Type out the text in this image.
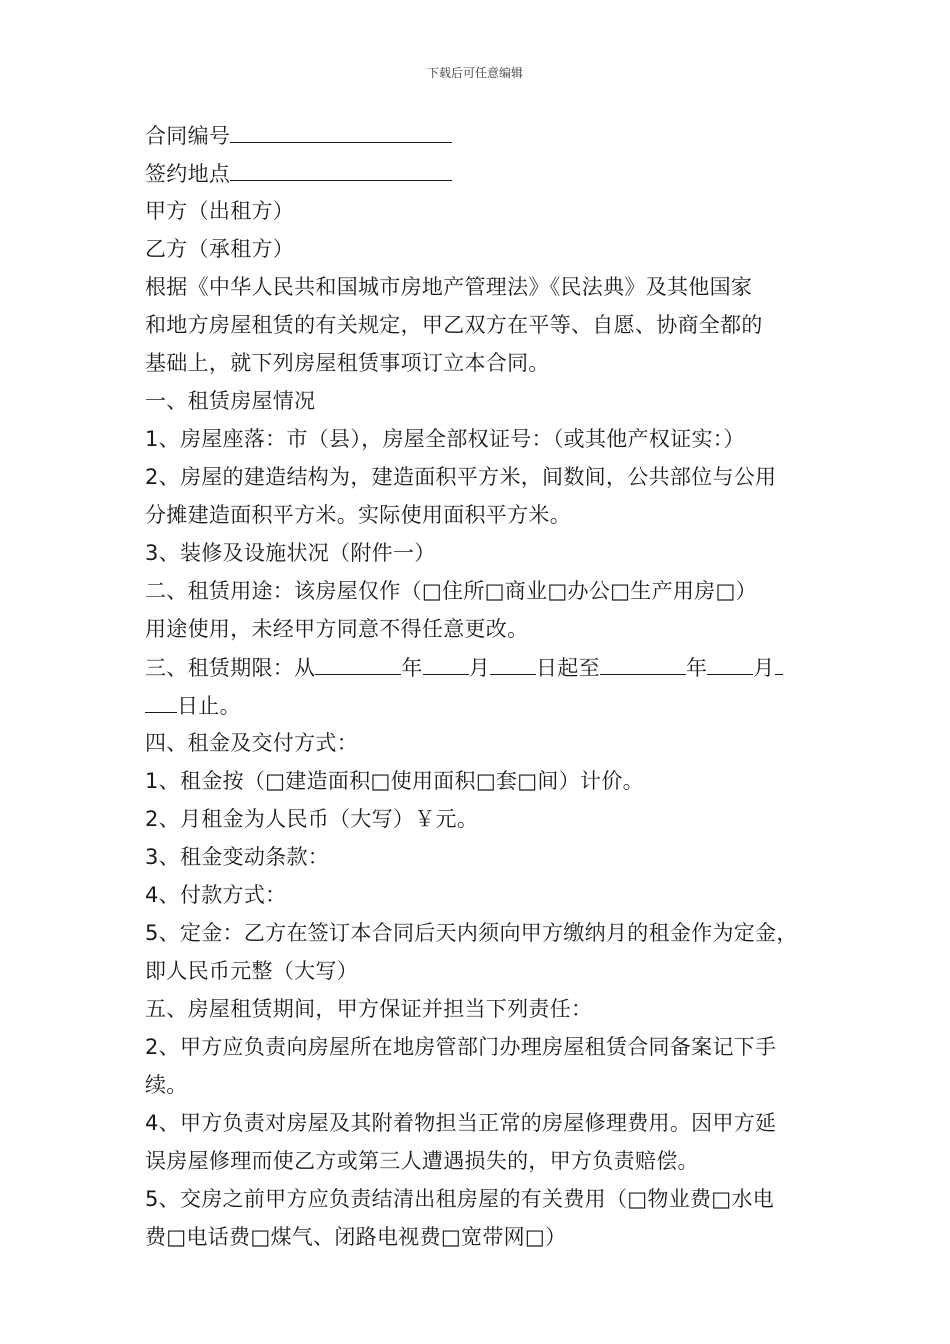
下载后可任意编辑
合同编号
签约地点
甲方（出租方）
乙方（承租方）
根据《中华人民共和国城市房地产管理法》《民法典》及其他国家
和地方房屋租赁的有关规定，甲乙双方在平等、自愿、协商全都的
基础上，就下列房屋租赁事项订立本合同。
一、租赁房屋情况
1、房屋座落：市（县），房屋全部权证号：（或其他产权证实：）
2、房屋的建造结构为，建造面积平方米，间数间，公共部位与公用
分摊建造面积平方米。实际使用面积平方米。
3、装修及设施状况（附件一）
二、租赁用途：该房屋仅作（□住所□商业□办公□生产用房□）
用途使用，未经甲方同意不得任意更改。
三、租赁期限：从	年 月 日起至	年 月
日止。
四、租金及交付方式：
1、租金按（□建造面积□使用面积□套□间）计价。
2、月租金为人民币（大写）￥元。
3、租金变动条款：
4、付款方式：
5、定金：乙方在签订本合同后天内须向甲方缴纳月的租金作为定金，
即人民币元整（大写）
五、房屋租赁期间，甲方保证并担当下列责任：
2、甲方应负责向房屋所在地房管部门办理房屋租赁合同备案记下手
续。
4、甲方负责对房屋及其附着物担当正常的房屋修理费用。因甲方延
误房屋修理而使乙方或第三人遭遇损失的，甲方负责赔偿。
5、交房之前甲方应负责结清出租房屋的有关费用（□物业费□水电
费□电话费□煤气、闭路电视费□宽带网□）
